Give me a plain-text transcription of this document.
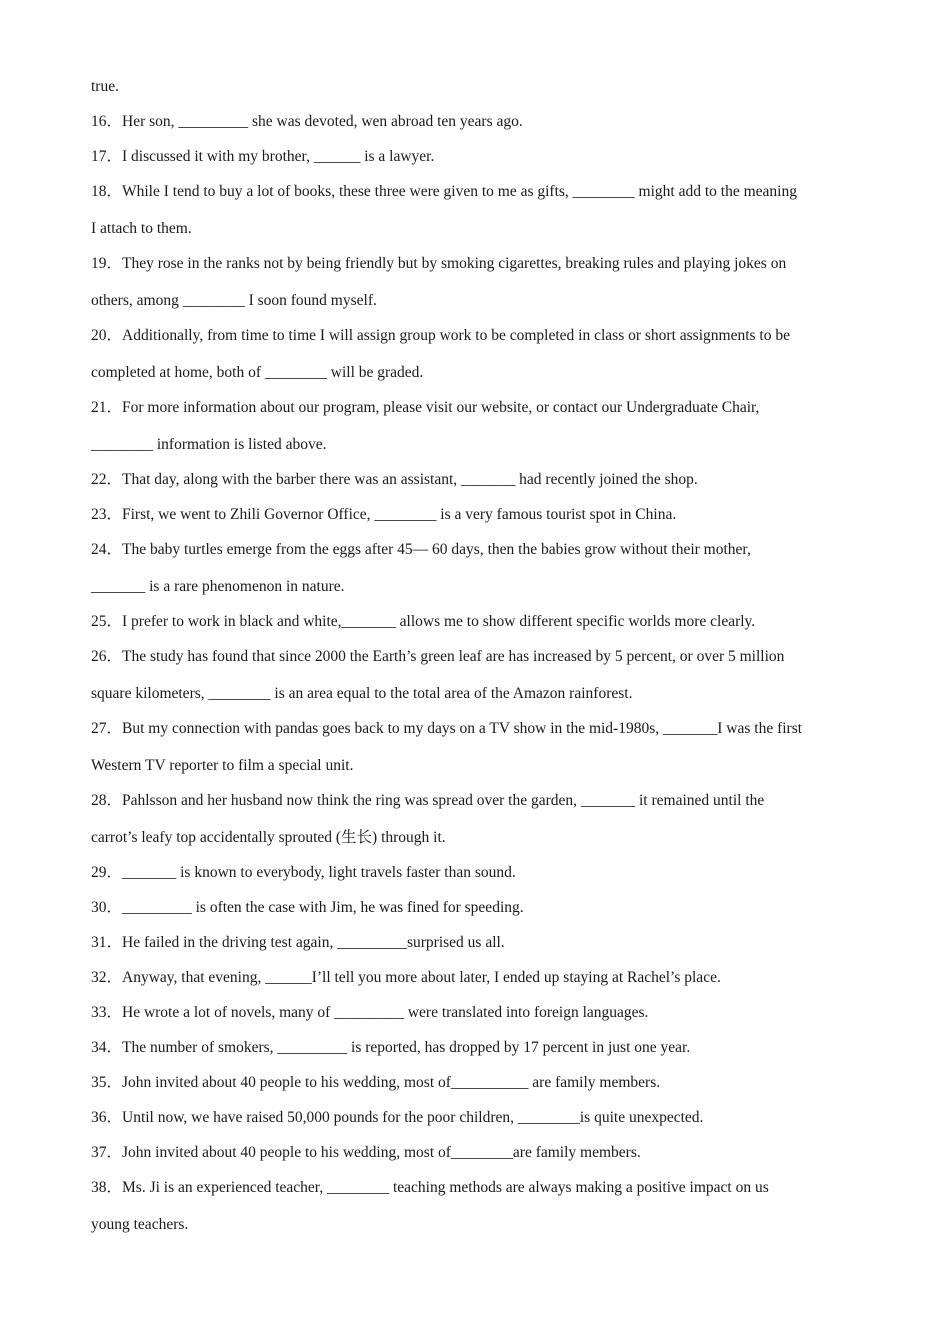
true.
16．Her son, _________ she was devoted, wen abroad ten years ago.
17．I discussed it with my brother, ______ is a lawyer.
18．While I tend to buy a lot of books, these three were given to me as gifts, ________ might add to the meaning
I attach to them.
19．They rose in the ranks not by being friendly but by smoking cigarettes, breaking rules and playing jokes on
others, among ________ I soon found myself.
20．Additionally, from time to time I will assign group work to be completed in class or short assignments to be
completed at home, both of ________ will be graded.
21．For more information about our program, please visit our website, or contact our Undergraduate Chair,
________ information is listed above.
22．That day, along with the barber there was an assistant, _______ had recently joined the shop.
23．First, we went to Zhili Governor Office, ________ is a very famous tourist spot in China.
24．The baby turtles emerge from the eggs after 45— 60 days, then the babies grow without their mother,
_______ is a rare phenomenon in nature.
25．I prefer to work in black and white,_______ allows me to show different specific worlds more clearly.
26．The study has found that since 2000 the Earth’s green leaf are has increased by 5 percent, or over 5 million
square kilometers, ________ is an area equal to the total area of the Amazon rainforest.
27．But my connection with pandas goes back to my days on a TV show in the mid-1980s, _______I was the first
Western TV reporter to film a special unit.
28．Pahlsson and her husband now think the ring was spread over the garden, _______ it remained until the
carrot’s leafy top accidentally sprouted (生长) through it.
29．_______ is known to everybody, light travels faster than sound.
30．_________ is often the case with Jim, he was fined for speeding.
31．He failed in the driving test again, _________surprised us all.
32．Anyway, that evening, ______I’ll tell you more about later, I ended up staying at Rachel’s place.
33．He wrote a lot of novels, many of _________ were translated into foreign languages.
34．The number of smokers, _________ is reported, has dropped by 17 percent in just one year.
35．John invited about 40 people to his wedding, most of__________ are family members.
36．Until now, we have raised 50,000 pounds for the poor children, ________is quite unexpected.
37．John invited about 40 people to his wedding, most of________are family members.
38．Ms. Ji is an experienced teacher, ________ teaching methods are always making a positive impact on us
young teachers.
